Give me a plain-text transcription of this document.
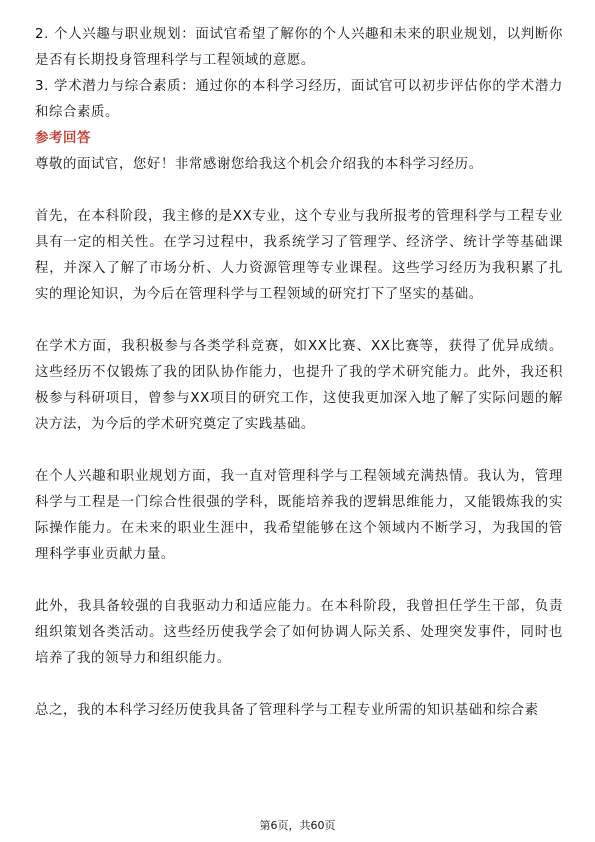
2. 个人兴趣与职业规划：面试官希望了解你的个人兴趣和未来的职业规划，以判断你是否有长期投身管理科学与工程领域的意愿。

3. 学术潜力与综合素质：通过你的本科学习经历，面试官可以初步评估你的学术潜力和综合素质。

参考回答

尊敬的面试官，您好！非常感谢您给我这个机会介绍我的本科学习经历。

首先，在本科阶段，我主修的是XX专业，这个专业与我所报考的管理科学与工程专业具有一定的相关性。在学习过程中，我系统学习了管理学、经济学、统计学等基础课程，并深入了解了市场分析、人力资源管理等专业课程。这些学习经历为我积累了扎实的理论知识，为今后在管理科学与工程领域的研究打下了坚实的基础。

在学术方面，我积极参与各类学科竞赛，如XX比赛、XX比赛等，获得了优异成绩。这些经历不仅锻炼了我的团队协作能力，也提升了我的学术研究能力。此外，我还积极参与科研项目，曾参与XX项目的研究工作，这使我更加深入地了解了实际问题的解决方法，为今后的学术研究奠定了实践基础。

在个人兴趣和职业规划方面，我一直对管理科学与工程领域充满热情。我认为，管理科学与工程是一门综合性很强的学科，既能培养我的逻辑思维能力，又能锻炼我的实际操作能力。在未来的职业生涯中，我希望能够在这个领域内不断学习，为我国的管理科学事业贡献力量。

此外，我具备较强的自我驱动力和适应能力。在本科阶段，我曾担任学生干部，负责组织策划各类活动。这些经历使我学会了如何协调人际关系、处理突发事件，同时也培养了我的领导力和组织能力。

总之，我的本科学习经历使我具备了管理科学与工程专业所需的知识基础和综合素

第6页，共60页
